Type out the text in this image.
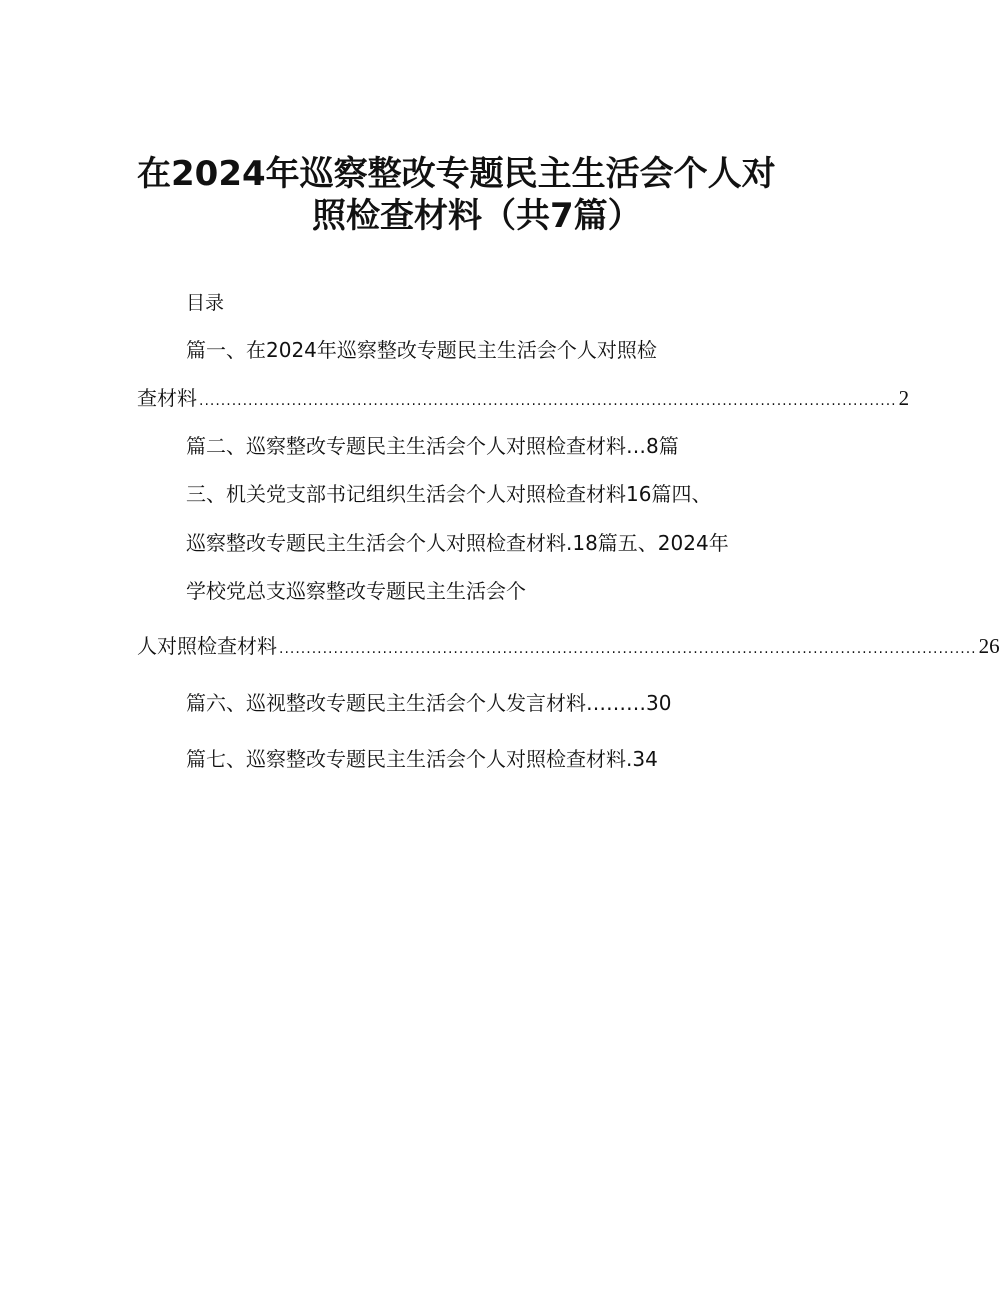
在2024年巡察整改专题民主生活会个人对
照检查材料（共7篇）
目录
篇一、在2024年巡察整改专题民主生活会个人对照检
查材料 ................................................................................................................................ 2
篇二、巡察整改专题民主生活会个人对照检查材料…8篇
三、机关党支部书记组织生活会个人对照检查材料16篇四、
巡察整改专题民主生活会个人对照检查材料.18篇五、2024年
学校党总支巡察整改专题民主生活会个
人对照检查材料 ................................................................................................................................ 26
篇六、巡视整改专题民主生活会个人发言材料………30
篇七、巡察整改专题民主生活会个人对照检查材料.34
